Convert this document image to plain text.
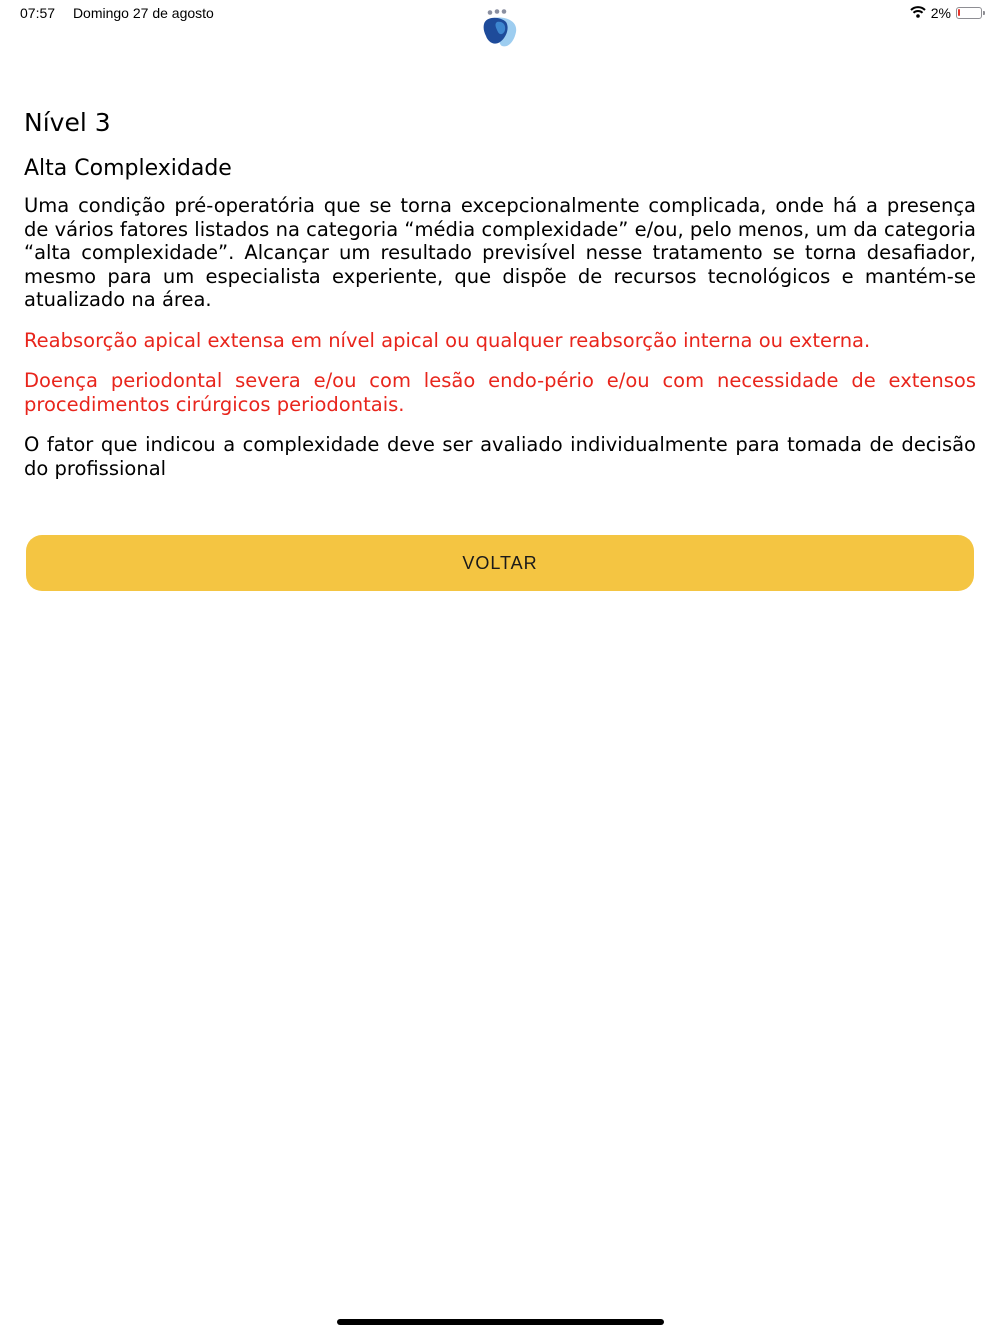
07:57 Domingo 27 de agosto	2%
Nível 3
Alta Complexidade

Uma condição pré-operatória que se torna excepcionalmente complicada, onde há a presença de vários fatores listados na categoria “média complexidade” e/ou, pelo menos, um da categoria “alta complexidade”. Alcançar um resultado previsível nesse tratamento se torna desafiador, mesmo para um especialista experiente, que dispõe de recursos tecnológicos e mantém-se atualizado na área.

Reabsorção apical extensa em nível apical ou qualquer reabsorção interna ou externa.

Doença periodontal severa e/ou com lesão endo-pério e/ou com necessidade de extensos procedimentos cirúrgicos periodontais.

O fator que indicou a complexidade deve ser avaliado individualmente para tomada de decisão do profissional

VOLTAR
